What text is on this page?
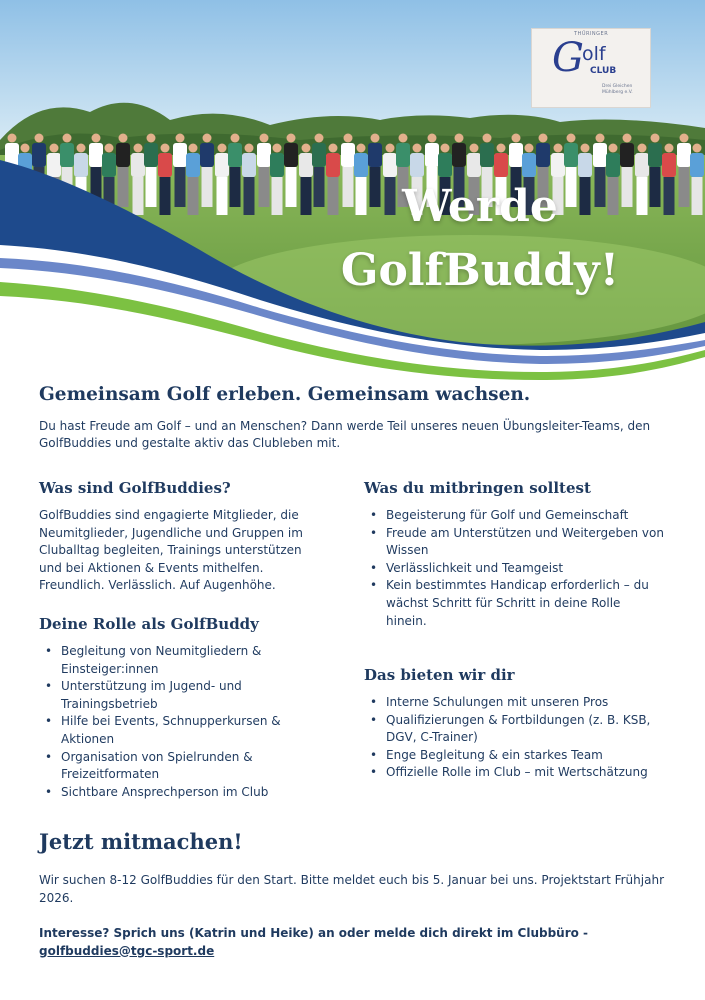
THÜRINGER
G
olf
CLUB
Drei Gleichen Mühlberg e.V.
Werde
GolfBuddy!
Gemeinsam Golf erleben. Gemeinsam wachsen.

Du hast Freude am Golf – und an Menschen? Dann werde Teil unseres neuen Übungsleiter-Teams, den GolfBuddies und gestalte aktiv das Clubleben mit.

Was sind GolfBuddies?

GolfBuddies sind engagierte Mitglieder, die Neumitglieder, Jugendliche und Gruppen im Cluballtag begleiten, Trainings unterstützen und bei Aktionen & Events mithelfen. Freundlich. Verlässlich. Auf Augenhöhe.

Deine Rolle als GolfBuddy
• Begleitung von Neumitgliedern & Einsteiger:innen
• Unterstützung im Jugend- und Trainingsbetrieb
• Hilfe bei Events, Schnupperkursen & Aktionen
• Organisation von Spielrunden & Freizeitformaten
• Sichtbare Ansprechperson im Club
Was du mitbringen solltest
• Begeisterung für Golf und Gemeinschaft
• Freude am Unterstützen und Weitergeben von Wissen
• Verlässlichkeit und Teamgeist
• Kein bestimmtes Handicap erforderlich – du wächst Schritt für Schritt in deine Rolle hinein.
Das bieten wir dir
• Interne Schulungen mit unseren Pros
• Qualifizierungen & Fortbildungen (z. B. KSB, DGV, C-Trainer)
• Enge Begleitung & ein starkes Team
• Offizielle Rolle im Club – mit Wertschätzung
Jetzt mitmachen!

Wir suchen 8-12 GolfBuddies für den Start. Bitte meldet euch bis 5. Januar bei uns. Projektstart Frühjahr 2026.

Interesse? Sprich uns (Katrin und Heike) an oder melde dich direkt im Clubbüro - golfbuddies@tgc-sport.de
